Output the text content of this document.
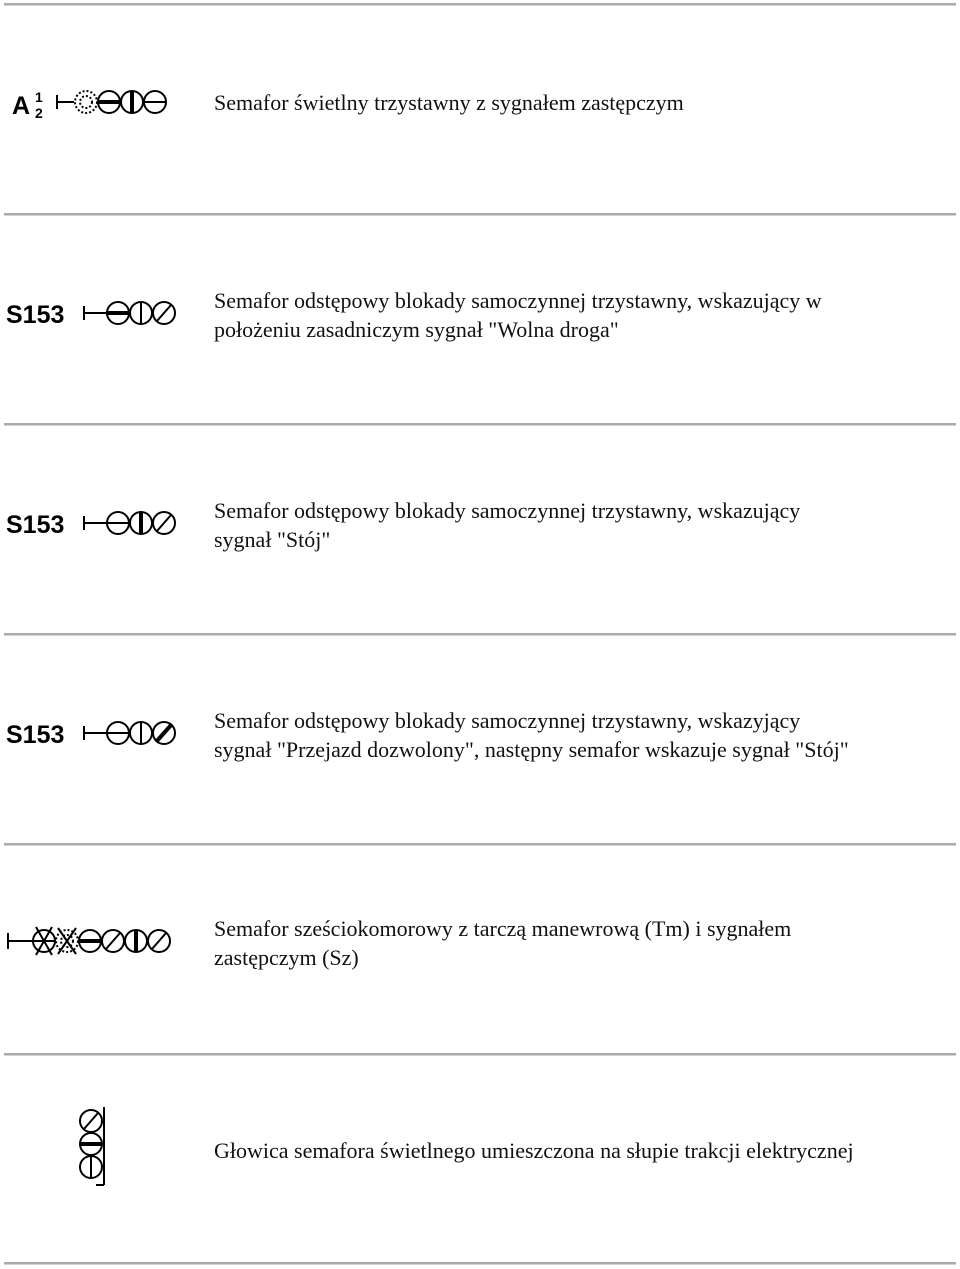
A 1
2	Semafor świetlny trzystawny z sygnałem zastępczym
S153
Semafor odstępowy blokady samoczynnej trzystawny, wskazujący w
położeniu zasadniczym sygnał "Wolna droga"
S153
Semafor odstępowy blokady samoczynnej trzystawny, wskazujący
sygnał "Stój"
S153
Semafor odstępowy blokady samoczynnej trzystawny, wskazyjący
sygnał "Przejazd dozwolony", następny semafor wskazuje sygnał "Stój"
Semafor sześciokomorowy z tarczą manewrową (Tm) i sygnałem
zastępczym (Sz)
Głowica semafora świetlnego umieszczona na słupie trakcji elektrycznej
